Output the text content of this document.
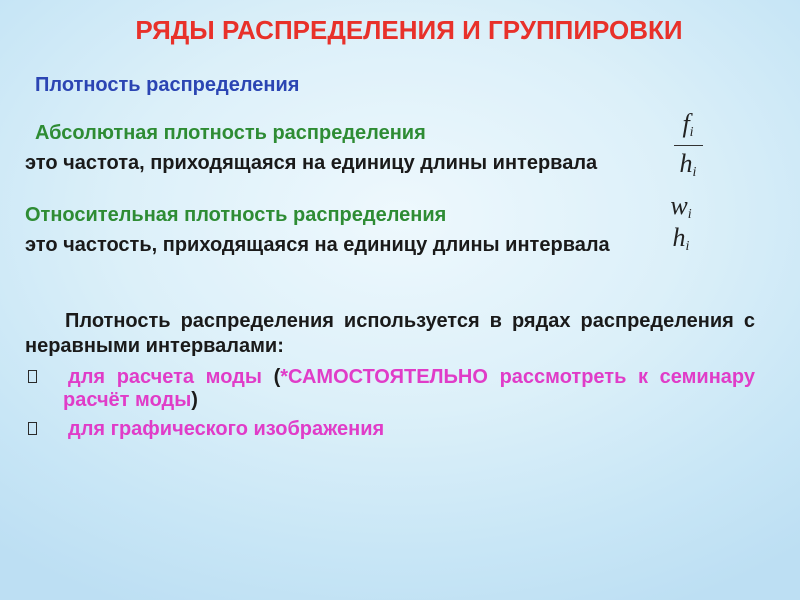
РЯДЫ РАСПРЕДЕЛЕНИЯ И ГРУППИРОВКИ
Плотность распределения
Абсолютная плотность распределения
это частота, приходящаяся на единицу длины интервала
$f_i$
$h_i$
Относительная плотность распределения
это частость, приходящаяся на единицу длины интервала
$w_i$
$h_i$
Плотность распределения используется в рядах распределения с неравными интервалами:
для расчета моды (*САМОСТОЯТЕЛЬНО рассмотреть к семинару расчёт моды)
для графического изображения
